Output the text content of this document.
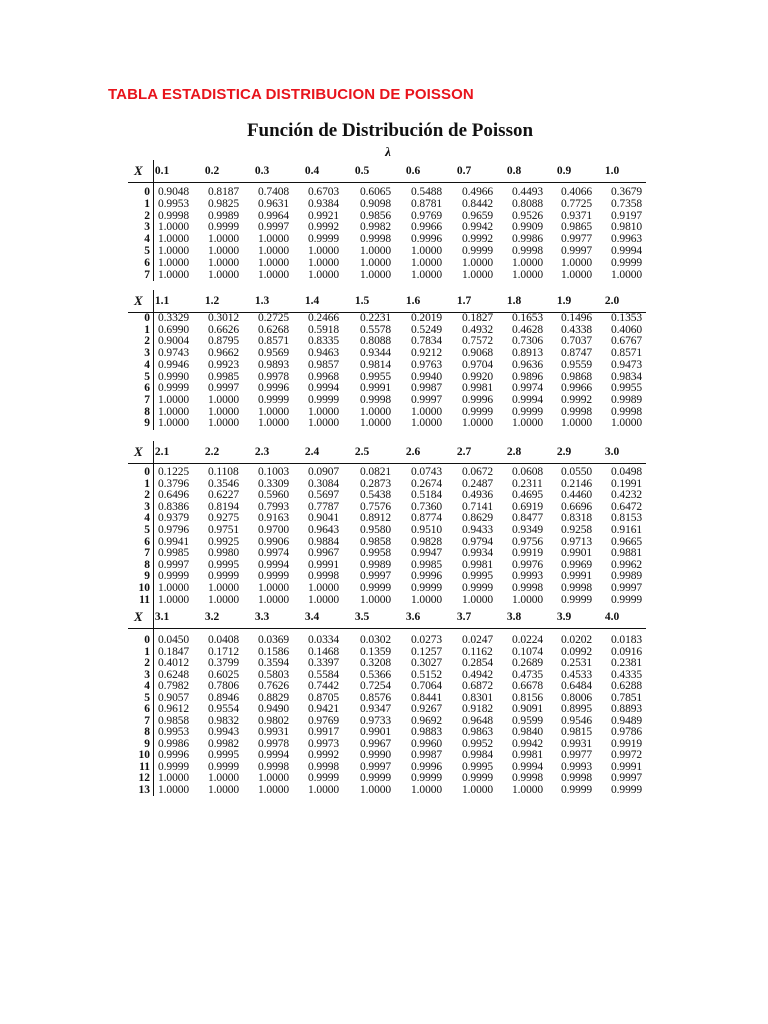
TABLA ESTADISTICA DISTRIBUCION DE POISSON
Función de Distribución de Poisson
λ
X	0.1	0.2	0.3	0.4	0.5	0.6	0.7	0.8	0.9	1.0
0 0.9048	0.8187	0.7408	0.6703	0.6065	0.5488	0.4966	0.4493	0.4066	0.3679
1 0.9953	0.9825	0.9631	0.9384	0.9098	0.8781	0.8442	0.8088	0.7725	0.7358
2 0.9998	0.9989	0.9964	0.9921	0.9856	0.9769	0.9659	0.9526	0.9371	0.9197
3 1.0000	0.9999	0.9997	0.9992	0.9982	0.9966	0.9942	0.9909	0.9865	0.9810
4 1.0000	1.0000	1.0000	0.9999	0.9998	0.9996	0.9992	0.9986	0.9977	0.9963
5 1.0000	1.0000	1.0000	1.0000	1.0000	1.0000	0.9999	0.9998	0.9997	0.9994
6 1.0000	1.0000	1.0000	1.0000	1.0000	1.0000	1.0000	1.0000	1.0000	0.9999
7 1.0000	1.0000	1.0000	1.0000	1.0000	1.0000	1.0000	1.0000	1.0000	1.0000
X	1.1	1.2	1.3	1.4	1.5	1.6	1.7	1.8	1.9	2.0
0 0.3329	0.3012	0.2725	0.2466	0.2231	0.2019	0.1827	0.1653	0.1496	0.1353
1 0.6990	0.6626	0.6268	0.5918	0.5578	0.5249	0.4932	0.4628	0.4338	0.4060
2 0.9004	0.8795	0.8571	0.8335	0.8088	0.7834	0.7572	0.7306	0.7037	0.6767
3 0.9743	0.9662	0.9569	0.9463	0.9344	0.9212	0.9068	0.8913	0.8747	0.8571
4 0.9946	0.9923	0.9893	0.9857	0.9814	0.9763	0.9704	0.9636	0.9559	0.9473
5 0.9990	0.9985	0.9978	0.9968	0.9955	0.9940	0.9920	0.9896	0.9868	0.9834
6 0.9999	0.9997	0.9996	0.9994	0.9991	0.9987	0.9981	0.9974	0.9966	0.9955
7 1.0000	1.0000	0.9999	0.9999	0.9998	0.9997	0.9996	0.9994	0.9992	0.9989
8 1.0000	1.0000	1.0000	1.0000	1.0000	1.0000	0.9999	0.9999	0.9998	0.9998
9 1.0000	1.0000	1.0000	1.0000	1.0000	1.0000	1.0000	1.0000	1.0000	1.0000
X	2.1	2.2	2.3	2.4	2.5	2.6	2.7	2.8	2.9	3.0
0 0.1225	0.1108	0.1003	0.0907	0.0821	0.0743	0.0672	0.0608	0.0550	0.0498
1 0.3796	0.3546	0.3309	0.3084	0.2873	0.2674	0.2487	0.2311	0.2146	0.1991
2 0.6496	0.6227	0.5960	0.5697	0.5438	0.5184	0.4936	0.4695	0.4460	0.4232
3 0.8386	0.8194	0.7993	0.7787	0.7576	0.7360	0.7141	0.6919	0.6696	0.6472
4 0.9379	0.9275	0.9163	0.9041	0.8912	0.8774	0.8629	0.8477	0.8318	0.8153
5 0.9796	0.9751	0.9700	0.9643	0.9580	0.9510	0.9433	0.9349	0.9258	0.9161
6 0.9941	0.9925	0.9906	0.9884	0.9858	0.9828	0.9794	0.9756	0.9713	0.9665
7 0.9985	0.9980	0.9974	0.9967	0.9958	0.9947	0.9934	0.9919	0.9901	0.9881
8 0.9997	0.9995	0.9994	0.9991	0.9989	0.9985	0.9981	0.9976	0.9969	0.9962
9 0.9999	0.9999	0.9999	0.9998	0.9997	0.9996	0.9995	0.9993	0.9991	0.9989
10 1.0000	1.0000	1.0000	1.0000	0.9999	0.9999	0.9999	0.9998	0.9998	0.9997
11 1.0000	1.0000	1.0000	1.0000	1.0000	1.0000	1.0000	1.0000	0.9999	0.9999
X	3.1	3.2	3.3	3.4	3.5	3.6	3.7	3.8	3.9	4.0
0 0.0450	0.0408	0.0369	0.0334	0.0302	0.0273	0.0247	0.0224	0.0202	0.0183
1 0.1847	0.1712	0.1586	0.1468	0.1359	0.1257	0.1162	0.1074	0.0992	0.0916
2 0.4012	0.3799	0.3594	0.3397	0.3208	0.3027	0.2854	0.2689	0.2531	0.2381
3 0.6248	0.6025	0.5803	0.5584	0.5366	0.5152	0.4942	0.4735	0.4533	0.4335
4 0.7982	0.7806	0.7626	0.7442	0.7254	0.7064	0.6872	0.6678	0.6484	0.6288
5 0.9057	0.8946	0.8829	0.8705	0.8576	0.8441	0.8301	0.8156	0.8006	0.7851
6 0.9612	0.9554	0.9490	0.9421	0.9347	0.9267	0.9182	0.9091	0.8995	0.8893
7 0.9858	0.9832	0.9802	0.9769	0.9733	0.9692	0.9648	0.9599	0.9546	0.9489
8 0.9953	0.9943	0.9931	0.9917	0.9901	0.9883	0.9863	0.9840	0.9815	0.9786
9 0.9986	0.9982	0.9978	0.9973	0.9967	0.9960	0.9952	0.9942	0.9931	0.9919
10 0.9996	0.9995	0.9994	0.9992	0.9990	0.9987	0.9984	0.9981	0.9977	0.9972
11 0.9999	0.9999	0.9998	0.9998	0.9997	0.9996	0.9995	0.9994	0.9993	0.9991
12 1.0000	1.0000	1.0000	0.9999	0.9999	0.9999	0.9999	0.9998	0.9998	0.9997
13 1.0000	1.0000	1.0000	1.0000	1.0000	1.0000	1.0000	1.0000	0.9999	0.9999
